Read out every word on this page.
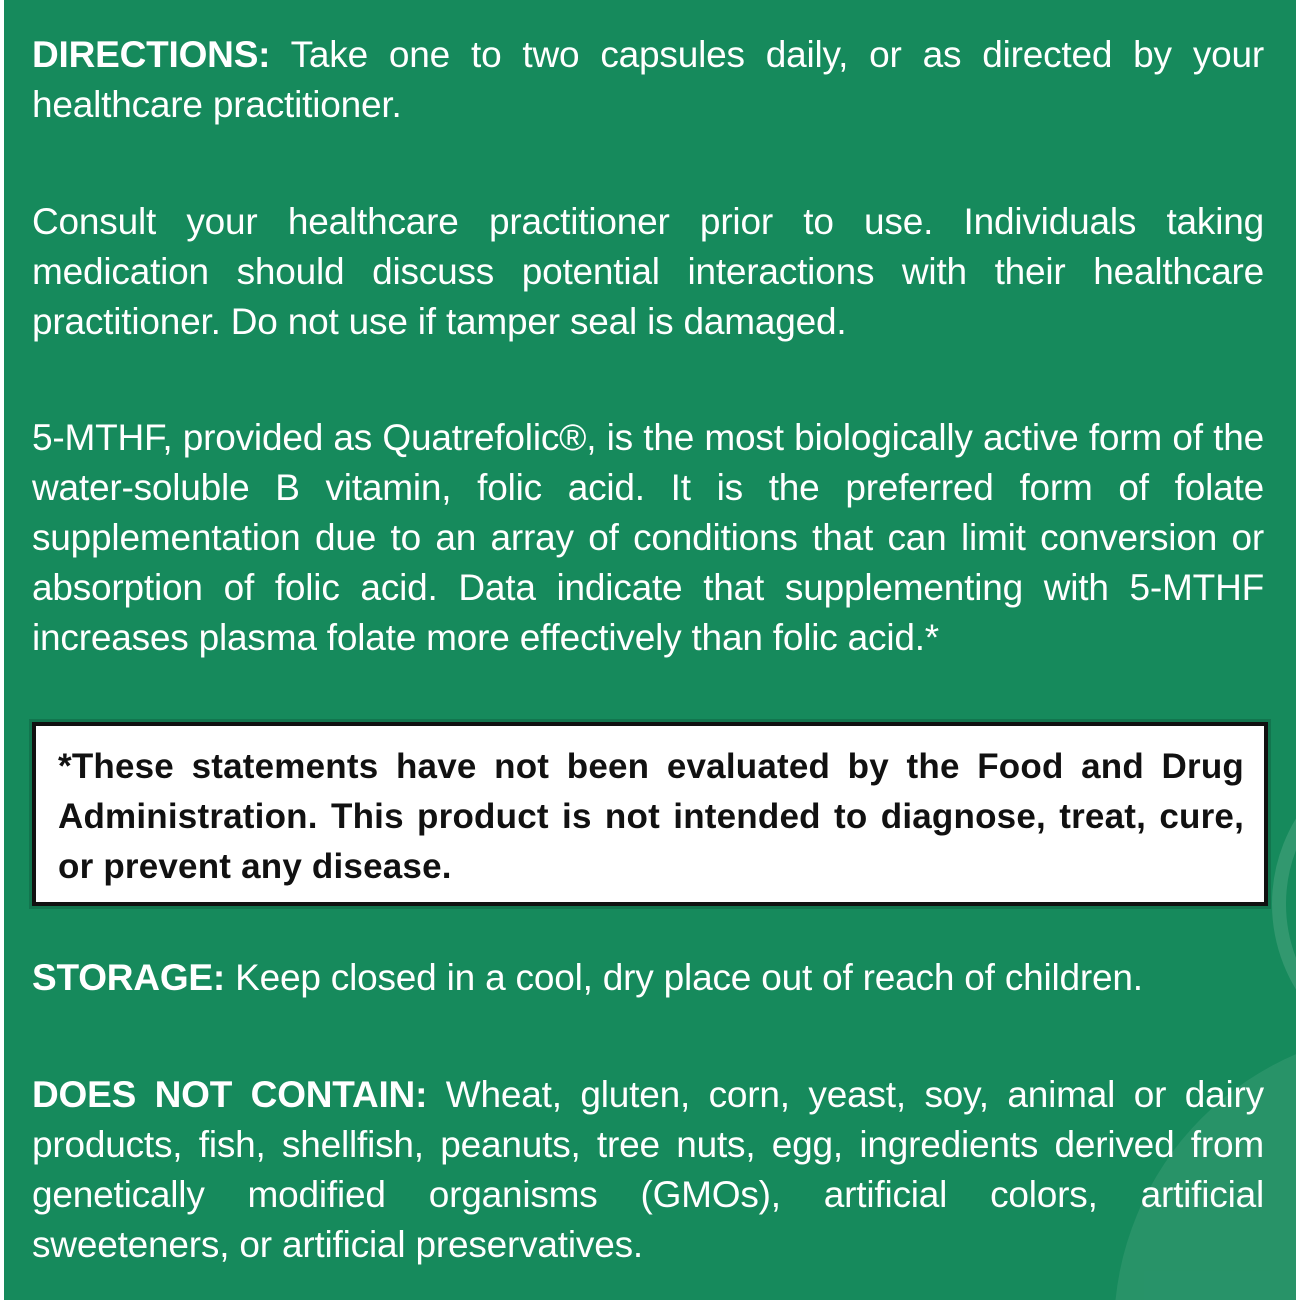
DIRECTIONS: Take one to two capsules daily, or as directed by your healthcare practitioner.

Consult your healthcare practitioner prior to use. Individuals taking medication should discuss potential interactions with their healthcare practitioner. Do not use if tamper seal is damaged.

5-MTHF, provided as Quatrefolic®, is the most biologically active form of the water-soluble B vitamin, folic acid. It is the preferred form of folate supplementation due to an array of conditions that can limit conversion or absorption of folic acid. Data indicate that supplementing with 5-MTHF increases plasma folate more effectively than folic acid.*

*These statements have not been evaluated by the Food and Drug Administration. This product is not intended to diagnose, treat, cure, or prevent any disease.

STORAGE: Keep closed in a cool, dry place out of reach of children.

DOES NOT CONTAIN: Wheat, gluten, corn, yeast, soy, animal or dairy products, fish, shellfish, peanuts, tree nuts, egg, ingredients derived from genetically modified organisms (GMOs), artificial colors, artificial sweeteners, or artificial preservatives.
